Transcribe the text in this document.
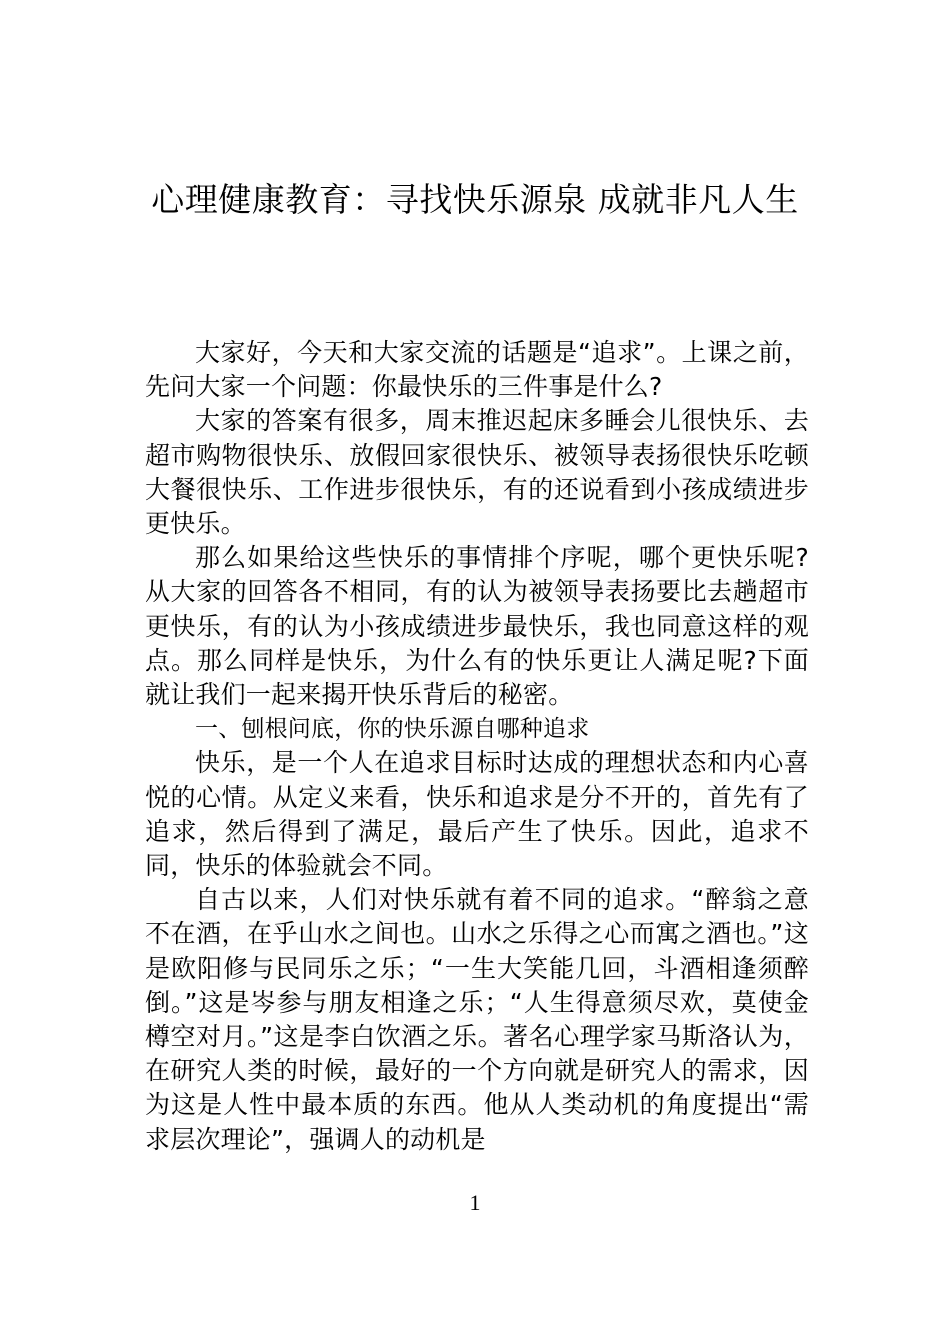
心理健康教育：寻找快乐源泉 成就非凡人生

大家好，今天和大家交流的话题是“追求”。上课之前，先问大家一个问题：你最快乐的三件事是什么?

大家的答案有很多，周末推迟起床多睡会儿很快乐、去超市购物很快乐、放假回家很快乐、被领导表扬很快乐吃顿大餐很快乐、工作进步很快乐，有的还说看到小孩成绩进步更快乐。

那么如果给这些快乐的事情排个序呢，哪个更快乐呢?从大家的回答各不相同，有的认为被领导表扬要比去趟超市更快乐，有的认为小孩成绩进步最快乐，我也同意这样的观点。那么同样是快乐，为什么有的快乐更让人满足呢?下面就让我们一起来揭开快乐背后的秘密。

一、刨根问底，你的快乐源自哪种追求

快乐，是一个人在追求目标时达成的理想状态和内心喜悦的心情。从定义来看，快乐和追求是分不开的，首先有了追求，然后得到了满足，最后产生了快乐。因此，追求不同，快乐的体验就会不同。

自古以来，人们对快乐就有着不同的追求。“醉翁之意不在酒，在乎山水之间也。山水之乐得之心而寓之酒也。”这是欧阳修与民同乐之乐；“一生大笑能几回，斗酒相逢须醉倒。”这是岑参与朋友相逢之乐；“人生得意须尽欢，莫使金樽空对月。”这是李白饮酒之乐。著名心理学家马斯洛认为，在研究人类的时候，最好的一个方向就是研究人的需求，因为这是人性中最本质的东西。他从人类动机的角度提出“需求层次理论”，强调人的动机是

1
